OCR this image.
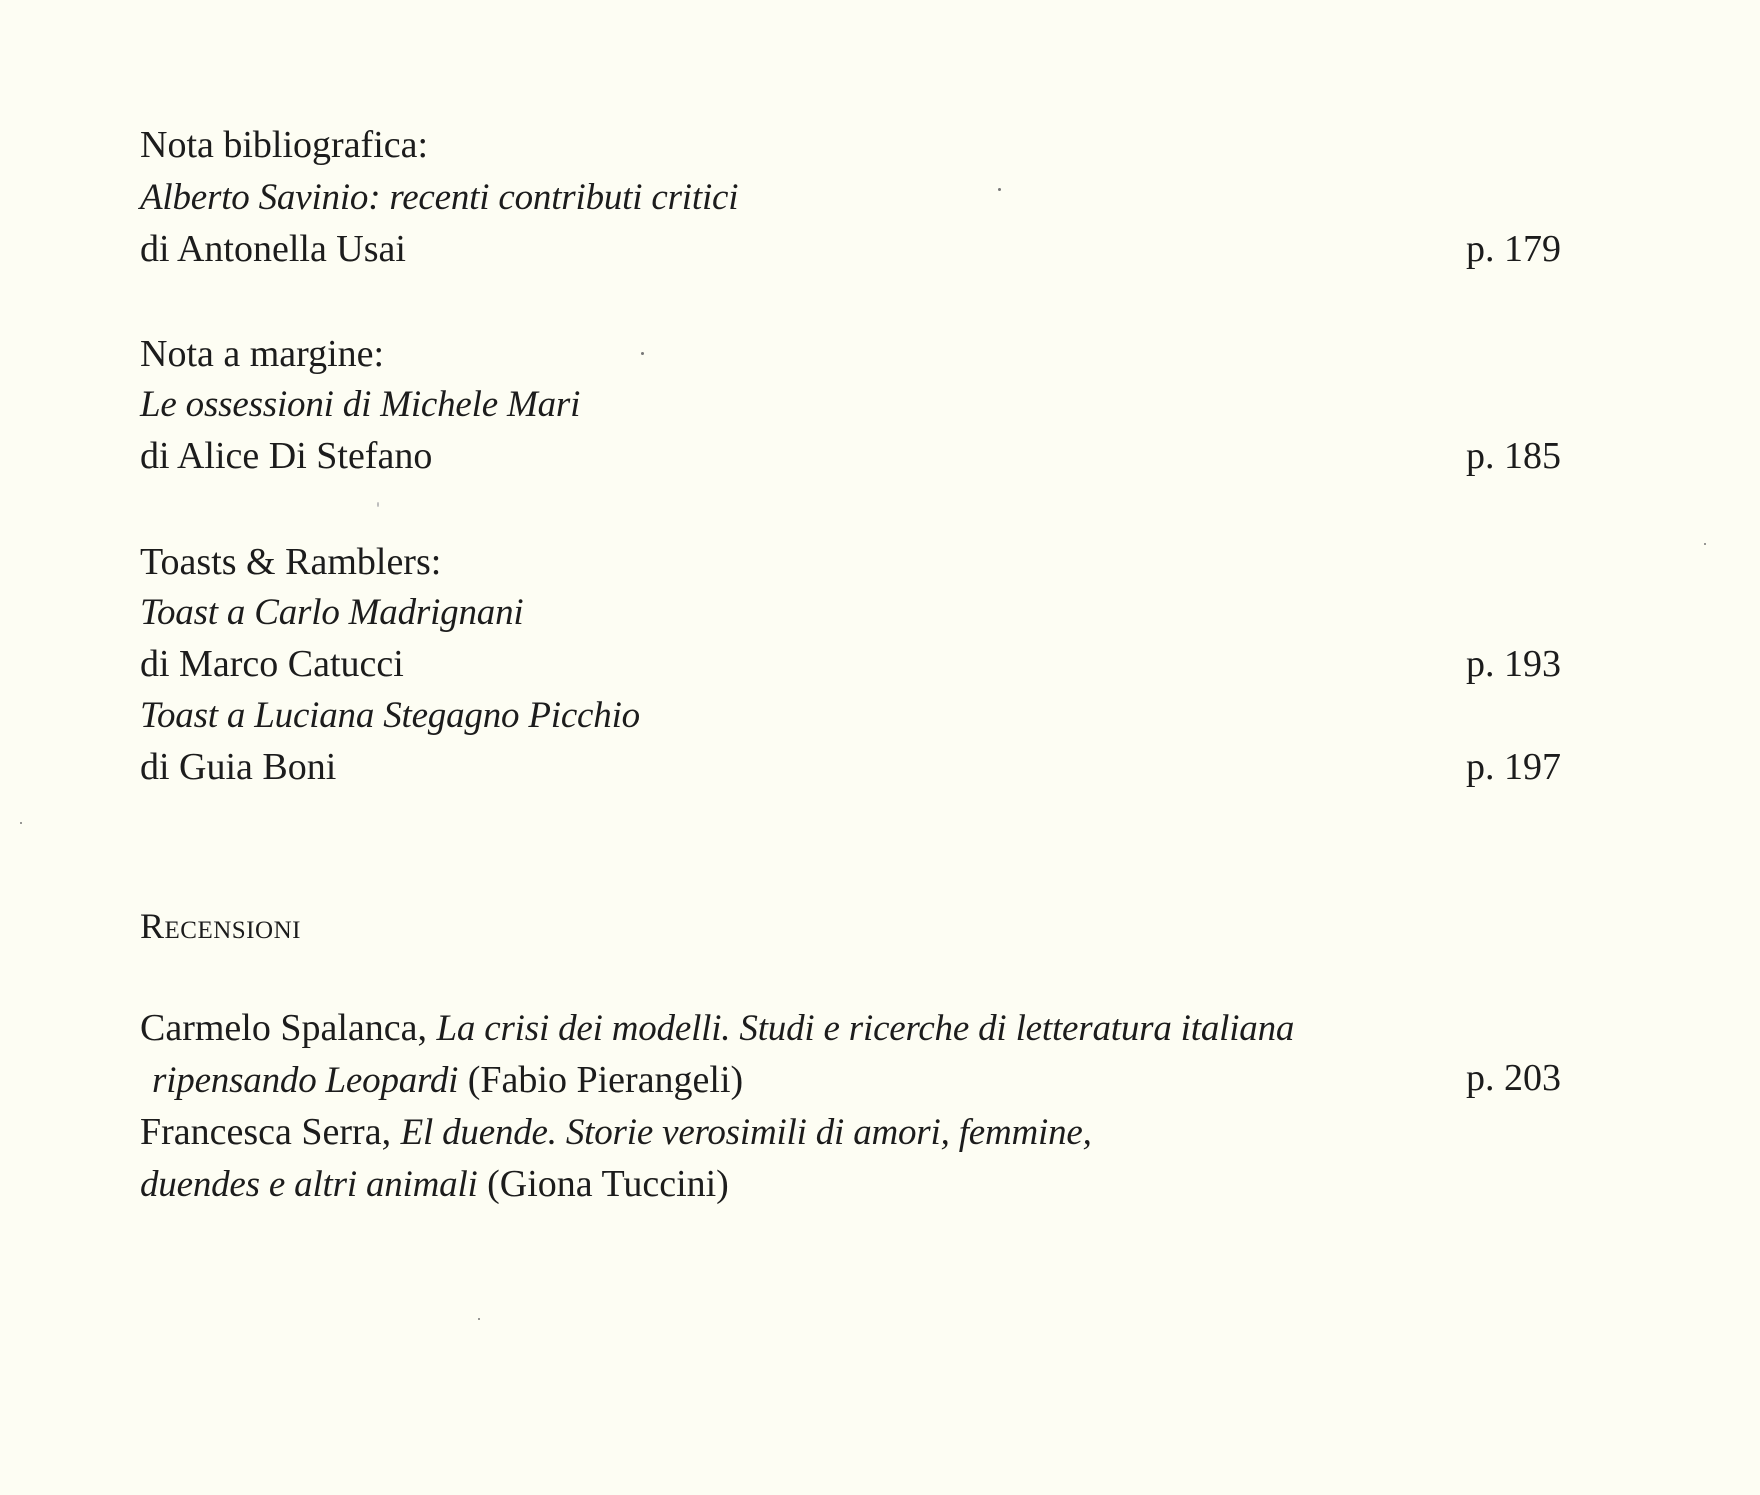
Nota bibliografica:
Alberto Savinio: recenti contributi critici
di Antonella Usai	p. 179
Nota a margine:
Le ossessioni di Michele Mari
di Alice Di Stefano	p. 185
Toasts & Ramblers:
Toast a Carlo Madrignani
di Marco Catucci	p. 193
Toast a Luciana Stegagno Picchio
di Guia Boni	p. 197
Recensioni
Carmelo Spalanca, La crisi dei modelli. Studi e ricerche di letteratura italiana
ripensando Leopardi (Fabio Pierangeli)	p. 203
Francesca Serra, El duende. Storie verosimili di amori, femmine,
duendes e altri animali (Giona Tuccini)
